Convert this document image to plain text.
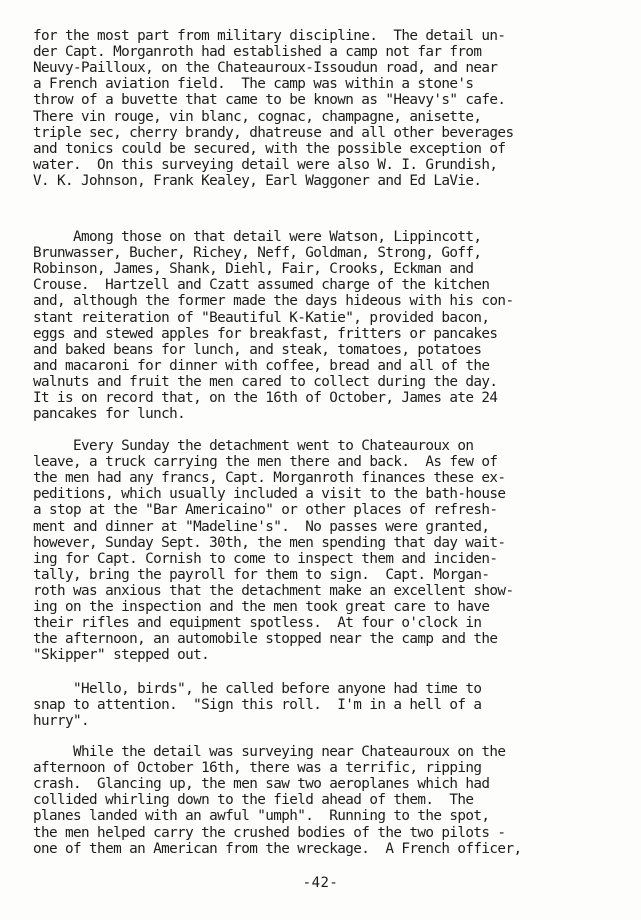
for the most part from military discipline.  The detail un-
der Capt. Morganroth had established a camp not far from
Neuvy-Pailloux, on the Chateauroux-Issoudun road, and near
a French aviation field.  The camp was within a stone's
throw of a buvette that came to be known as "Heavy's" cafe.
There vin rouge, vin blanc, cognac, champagne, anisette,
triple sec, cherry brandy, dhatreuse and all other beverages
and tonics could be secured, with the possible exception of
water.  On this surveying detail were also W. I. Grundish,
V. K. Johnson, Frank Kealey, Earl Waggoner and Ed LaVie.
Among those on that detail were Watson, Lippincott,
Brunwasser, Bucher, Richey, Neff, Goldman, Strong, Goff,
Robinson, James, Shank, Diehl, Fair, Crooks, Eckman and
Crouse.  Hartzell and Czatt assumed charge of the kitchen
and, although the former made the days hideous with his con-
stant reiteration of "Beautiful K-Katie", provided bacon,
eggs and stewed apples for breakfast, fritters or pancakes
and baked beans for lunch, and steak, tomatoes, potatoes
and macaroni for dinner with coffee, bread and all of the
walnuts and fruit the men cared to collect during the day.
It is on record that, on the 16th of October, James ate 24
pancakes for lunch.
Every Sunday the detachment went to Chateauroux on
leave, a truck carrying the men there and back.  As few of
the men had any francs, Capt. Morganroth finances these ex-
peditions, which usually included a visit to the bath-house
a stop at the "Bar Americaino" or other places of refresh-
ment and dinner at "Madeline's".  No passes were granted,
however, Sunday Sept. 30th, the men spending that day wait-
ing for Capt. Cornish to come to inspect them and inciden-
tally, bring the payroll for them to sign.  Capt. Morgan-
roth was anxious that the detachment make an excellent show-
ing on the inspection and the men took great care to have
their rifles and equipment spotless.  At four o'clock in
the afternoon, an automobile stopped near the camp and the
"Skipper" stepped out.
"Hello, birds", he called before anyone had time to
snap to attention.  "Sign this roll.  I'm in a hell of a
hurry".
While the detail was surveying near Chateauroux on the
afternoon of October 16th, there was a terrific, ripping
crash.  Glancing up, the men saw two aeroplanes which had
collided whirling down to the field ahead of them.  The
planes landed with an awful "umph".  Running to the spot,
the men helped carry the crushed bodies of the two pilots -
one of them an American from the wreckage.  A French officer,
-42-
